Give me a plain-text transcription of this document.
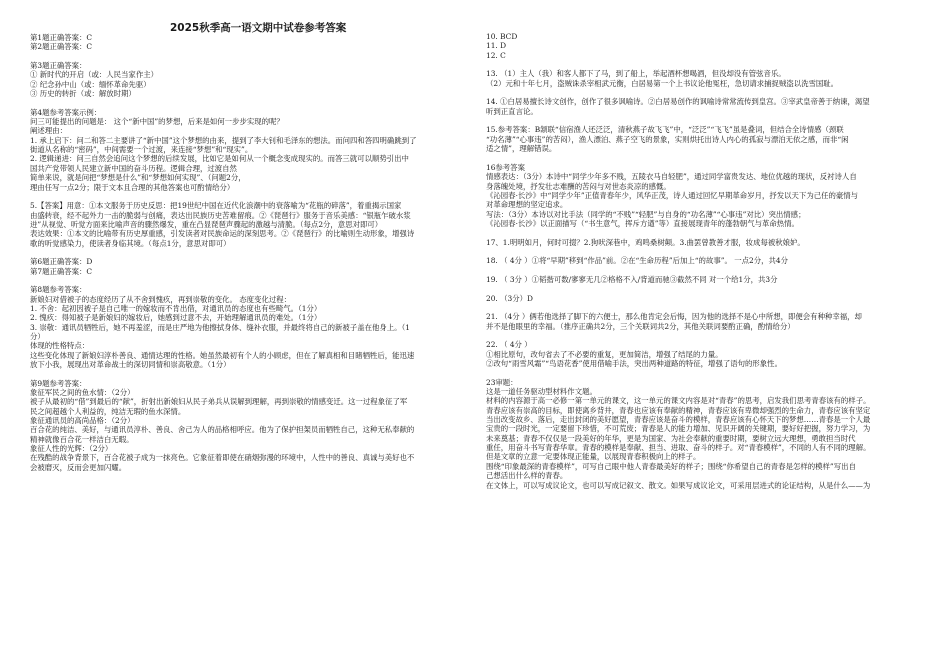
2025秋季高一语文期中试卷参考答案
第1题正确答案：C
第2题正确答案：C
第3题正确答案：
① 新时代的开启（或：人民当家作主）
② 纪念孙中山（或：缅怀革命先驱）
③ 历史的转折（或：解放时期）
第4题参考答案示例：
问三可能提出的问题是： 这个“新中国”的梦想，后来是如何一步步实现的呢？
阐述理由：
1. 承上启下：问二和答二主要讲了“新中国”这个梦想的由来，提到了李大钊和毛泽东的想法。而问四和答四明确跳到了
街道从名称的“密码”，中间需要一个过渡，来连接“梦想”和“现实”。
2. 逻辑递进：问三自然会追问这个梦想的后续发展，比如它是如何从一个概念变成现实的。而答三就可以顺势引出中
国共产党带领人民建立新中国的奋斗历程。逻辑合理，过渡自然
简单来说，就是问把“梦想是什么”和“梦想如何实现”、（问题2分，
理由任写一点2分；限于文本且合理的其他答案也可酌情给分）
5.【答案】用意：①本文服务于历史反思：把19世纪中国在近代化浪潮中的衰落喻为“花瓶的碎落”，着重揭示国家
由盛转衰，经不起外力一击的脆弱与创痛，表达出民族历史苦难留痕。②《琵琶行》服务于音乐美感：“银瓶乍破水浆
迸”从视觉、听觉方面来比喻声音的骤然爆发，重在凸显琵琶声骤起的激越与清脆。（每点2分，意思对即可）
表达效果：①本文的比喻带有历史厚重感，引发读者对民族命运的深刻思考。②《琵琶行》的比喻则生动形象，增强诗
歌的听觉感染力，使读者身临其境。（每点1分，意思对即可）
第6题正确答案：D
第7题正确答案：C
第8题参考答案：
新娘妇对借被子的态度经历了从不舍到愧疚，再到崇敬的变化。 态度变化过程：
1. 不舍：起初因被子是自己唯一的嫁妆而不肯出借，对通讯员的态度也有些畸气。（1分）
2. 愧疚：得知被子是新娘妇的嫁妆后，她感到过意不去，开始理解通讯员的难处。（1分）
3. 崇敬：通讯员牺牲后，她不再羞涩，而是庄严地为他擦拭身体、缝补衣服，并最终将自己的新被子盖在他身上。（1
分）
体现的性格特点：
这些变化体现了新娘妇淳朴善良、通情达理的性格。她虽然最初有个人的小顾虑，但在了解真相和目睹牺牲后，能迅速
放下小我，展现出对革命战士的深切同情和崇高敬意。（1分）
第9题参考答案：
象征军民之间的鱼水情：（2分）
被子从最初的“借”到最后的“献”，折射出新娘妇从民子弟兵从误解到理解，再到崇敬的情感变迁。这一过程象征了军
民之间超越个人利益的，纯洁无瑕的鱼水深情。
象征通讯员的高尚品格：（2分）
百合花的纯洁、美好，与通讯员淳朴、善良、舍己为人的品格相呼应。他为了保护担架员而牺牲自己，这种无私奉献的
精神就像百合花一样洁白无暇。
象征人性的光辉：（2分）
在残酷的战争背景下，百合花被子成为一抹亮色。它象征着即使在硝烟弥漫的环境中，人性中的善良、真诚与美好也不
会被磨灭，反而会更加闪耀。
10. BCD
11. D
12. C
13. （1）主人（我）和客人都下了马，到了船上，举起酒杯想喝酒，但没却没有管弦音乐。
（2）元和十年七月，盗贼诛杀宰相武元衡，白居易第一个上书议论他冤枉，急切请求捕捉贼盗以洗雪国耻。
14. ①白居易擅长诗文创作，创作了很多讽喻诗。②白居易创作的讽喻诗常常流传到皇宫。③宰武皇帝善于纳谏，渴望
听到正直言论。
15.参考答案：B颔联“信宿渔人还泛泛，清秋燕子故飞飞”中，“泛泛”“飞飞”虽是叠词，但结合全诗情感（颈联
“功名薄”“心事违”的苦闷），渔人漂泊、燕子空飞的景象，实则烘托出诗人内心的孤寂与漂泊无依之感，而非“闲
适之情”，理解错误。
16参考答案
情感表达：（3分）本诗中“同学少年多不贱，五陵衣马自轻肥”，通过同学富贵发达、地位优越的现状，反衬诗人自
身落魄处境，抒发壮志难酬的苦闷与对世态炎凉的感慨。
《沁园春·长沙》中“同学少年”正值青春年少，风华正茂，诗人通过回忆早期革命岁月，抒发以天下为己任的豪情与
对革命理想的坚定追求。
写法：（3分）本诗以对比手法（同学的“不贱”“轻肥”与自身的“功名薄”“心事违”对比）突出情感；
《沁园春·长沙》以正面描写（“书生意气，挥斥方遒”等）直接展现青年的蓬勃朝气与革命热情。
17、1.明明如月，何时可掇？2.狗吠深巷中，鸡鸣桑树颠。3.曲罢曾教善才服，妆成每被秋娘妒。
18. （ 4分 ）①将“早期”移到“作品”前。②在“生命历程”后加上“的故事”。 一点2分，共4分
19. （ 3分 ）①韬揩可数/寥寥无几②格格不入/背道而驰③截然不同 对一个给1分，共3分
20. （3分）D
21. （4分 ）俩若他选择了脚下的六便士，那么他肯定会后悔，因为他的选择不是心中所想，即便会有种种幸福，却
并不是他眼里的幸福。（推序正确共2分，三个关联词共2分，其他关联词要酌正确，酌情给分）
22. （ 4分 ）
①相比原句，改句省去了不必要的重复，更加简洁，增强了结尾的力量。
②改句“雨雪风霜”“鸟语花香”使用借喻手法，突出两种道路的特征，增强了语句的形象性。
23审题：
这是一道任务驱动型材料作文题。
材料的内容源于高一必修一第一单元的课文，这一单元的课文内容是对“青春”的思考，启发我们思考青春该有的样子。
青春应该有崇高的目标，即使离乡背井，青春也应该有奉献的精神，青春应该有卑微却强烈的生命力，青春应该有坚定
当出改变故乡、落后，走出封闭的美好愿望，青春应该是奋斗的模样，青春应该有心怀天下的梦想……青春是一个人最
宝贵的一段时光，一定要留下珍惜，不可荒废；青春是人的能力增加、见识开阔的关键期，要好好把握，努力学习，为
未来奠基；青春不仅仅是一段美好的年华，更是为国家、为社会奉献的重要时期，要树立远大理想，勇敢担当时代
重任，用奋斗书写青春华章。青春的模样是奉献、担当、进取、奋斗的样子。对“青春模样”，不同的人有不同的理解。
但是文章的立意一定要体现正能量，以展现青春积极向上的样子。
围绕“印象最深的青春模样”，可写自己眼中他人青春最美好的样子；围绕“你希望自己的青春是怎样的模样”写出自
己想活出什么样的青春。
在文体上，可以写成议论文，也可以写成记叙文、散文。如果写成议论文，可采用层进式的论证结构，从是什么——为
